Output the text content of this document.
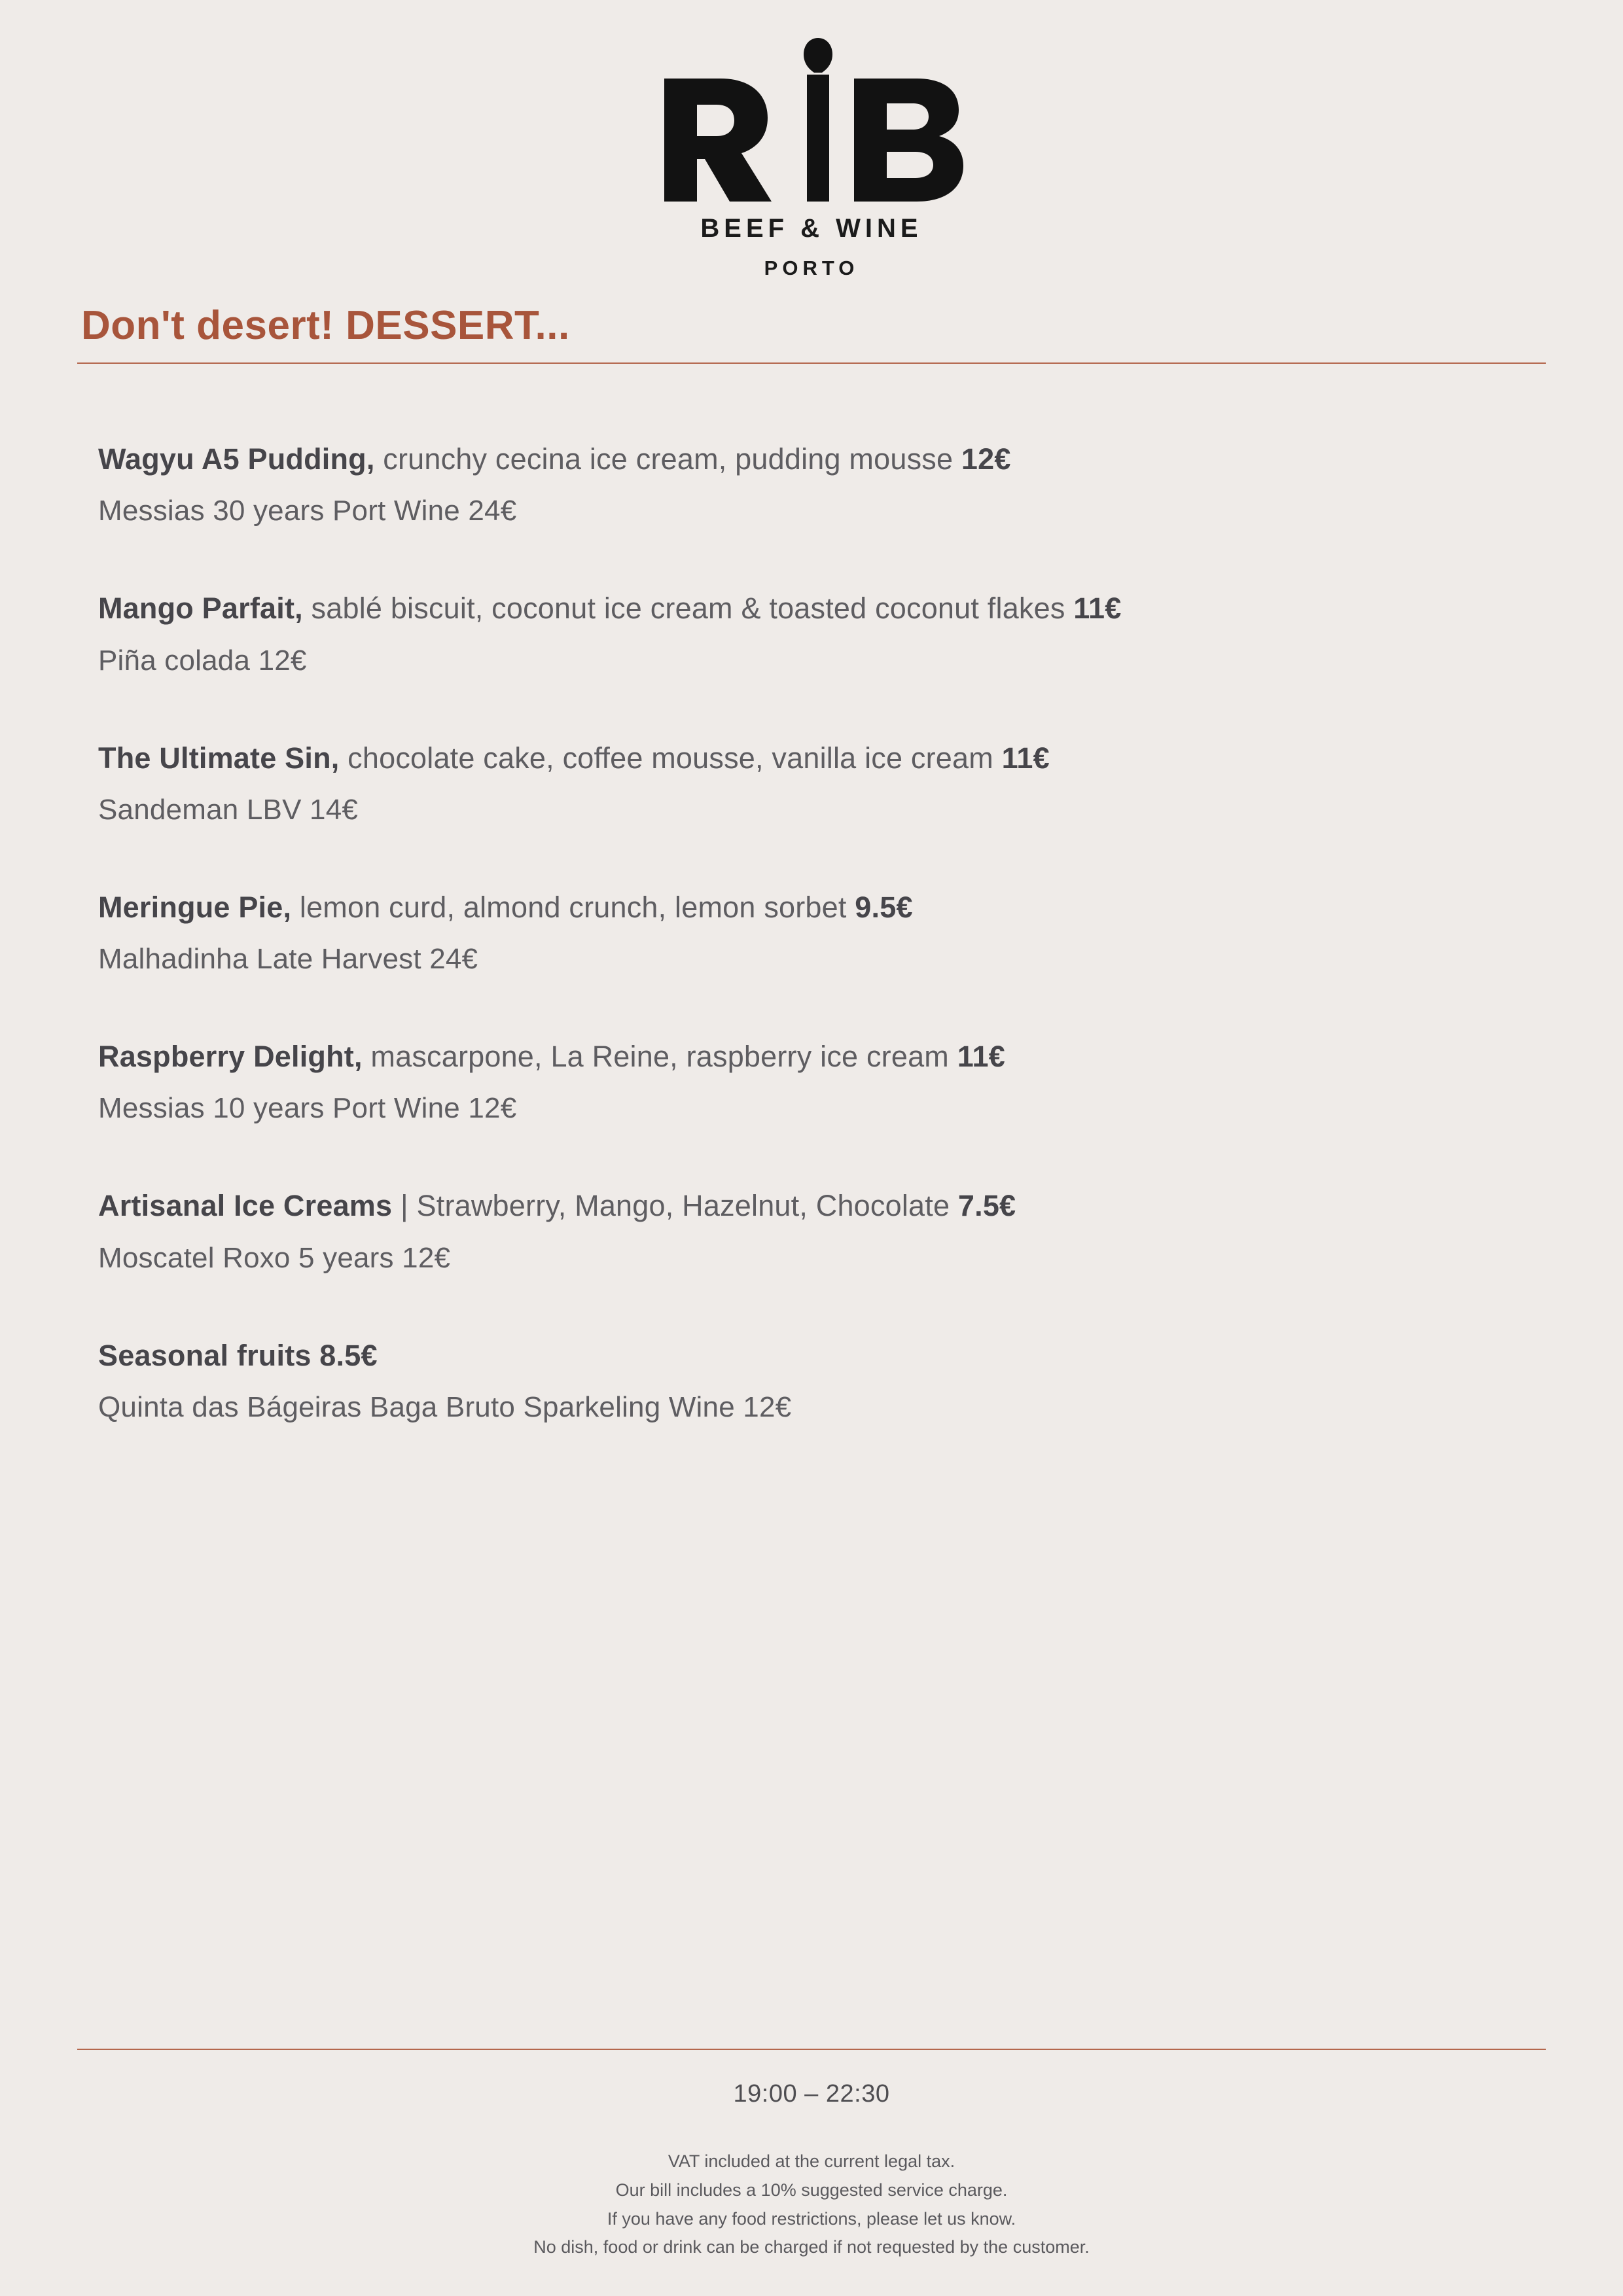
BEEF & WINE
PORTO
Don't desert! DESSERT...
Wagyu A5 Pudding, crunchy cecina ice cream, pudding mousse 12€
Messias 30 years Port Wine 24€
Mango Parfait, sablé biscuit, coconut ice cream & toasted coconut flakes 11€
Piña colada 12€
The Ultimate Sin, chocolate cake, coffee mousse, vanilla ice cream 11€
Sandeman LBV 14€
Meringue Pie, lemon curd, almond crunch, lemon sorbet 9.5€
Malhadinha Late Harvest 24€
Raspberry Delight, mascarpone, La Reine, raspberry ice cream 11€
Messias 10 years Port Wine 12€
Artisanal Ice Creams | Strawberry, Mango, Hazelnut, Chocolate 7.5€
Moscatel Roxo 5 years 12€
Seasonal fruits 8.5€
Quinta das Bágeiras Baga Bruto Sparkeling Wine 12€
19:00 – 22:30
VAT included at the current legal tax.
Our bill includes a 10% suggested service charge.
If you have any food restrictions, please let us know.
No dish, food or drink can be charged if not requested by the customer.
